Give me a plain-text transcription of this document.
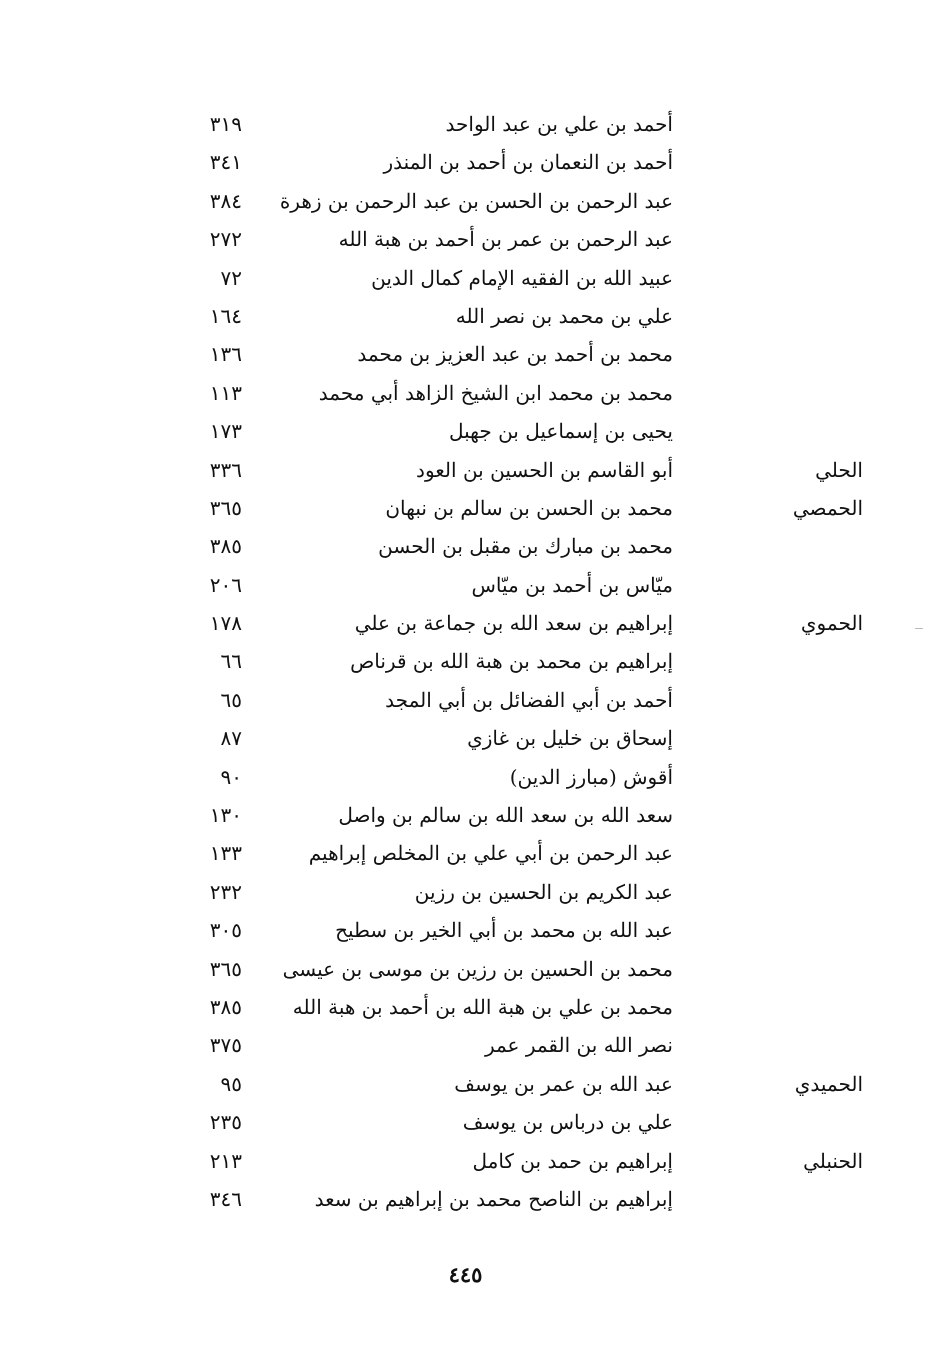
أحمد بن علي بن عبد الواحد
٣١٩
أحمد بن النعمان بن أحمد بن المنذر
٣٤١
عبد الرحمن بن الحسن بن عبد الرحمن بن زهرة
٣٨٤
عبد الرحمن بن عمر بن أحمد بن هبة الله
٢٧٢
عبيد الله بن الفقيه الإمام كمال الدين
٧٢
علي بن محمد بن نصر الله
١٦٤
محمد بن أحمد بن عبد العزيز بن محمد
١٣٦
محمد بن محمد ابن الشيخ الزاهد أبي محمد
١١٣
يحيى بن إسماعيل بن جهبل
١٧٣
الحلي
أبو القاسم بن الحسين بن العود
٣٣٦
الحمصي
محمد بن الحسن بن سالم بن نبهان
٣٦٥
محمد بن مبارك بن مقبل بن الحسن
٣٨٥
ميّاس بن أحمد بن ميّاس
٢٠٦
الحموي
إبراهيم بن سعد الله بن جماعة بن علي
١٧٨
إبراهيم بن محمد بن هبة الله بن قرناص
٦٦
أحمد بن أبي الفضائل بن أبي المجد
٦٥
إسحاق بن خليل بن غازي
٨٧
أقوش (مبارز الدين)
٩٠
سعد الله بن سعد الله بن سالم بن واصل
١٣٠
عبد الرحمن بن أبي علي بن المخلص إبراهيم
١٣٣
عبد الكريم بن الحسين بن رزين
٢٣٢
عبد الله بن محمد بن أبي الخير بن سطيح
٣٠٥
محمد بن الحسين بن رزين بن موسى بن عيسى
٣٦٥
محمد بن علي بن هبة الله بن أحمد بن هبة الله
٣٨٥
نصر الله بن القمر عمر
٣٧٥
الحميدي
عبد الله بن عمر بن يوسف
٩٥
علي بن درباس بن يوسف
٢٣٥
الحنبلي
إبراهيم بن حمد بن كامل
٢١٣
إبراهيم بن الناصح محمد بن إبراهيم بن سعد
٣٤٦
٤٤٥
